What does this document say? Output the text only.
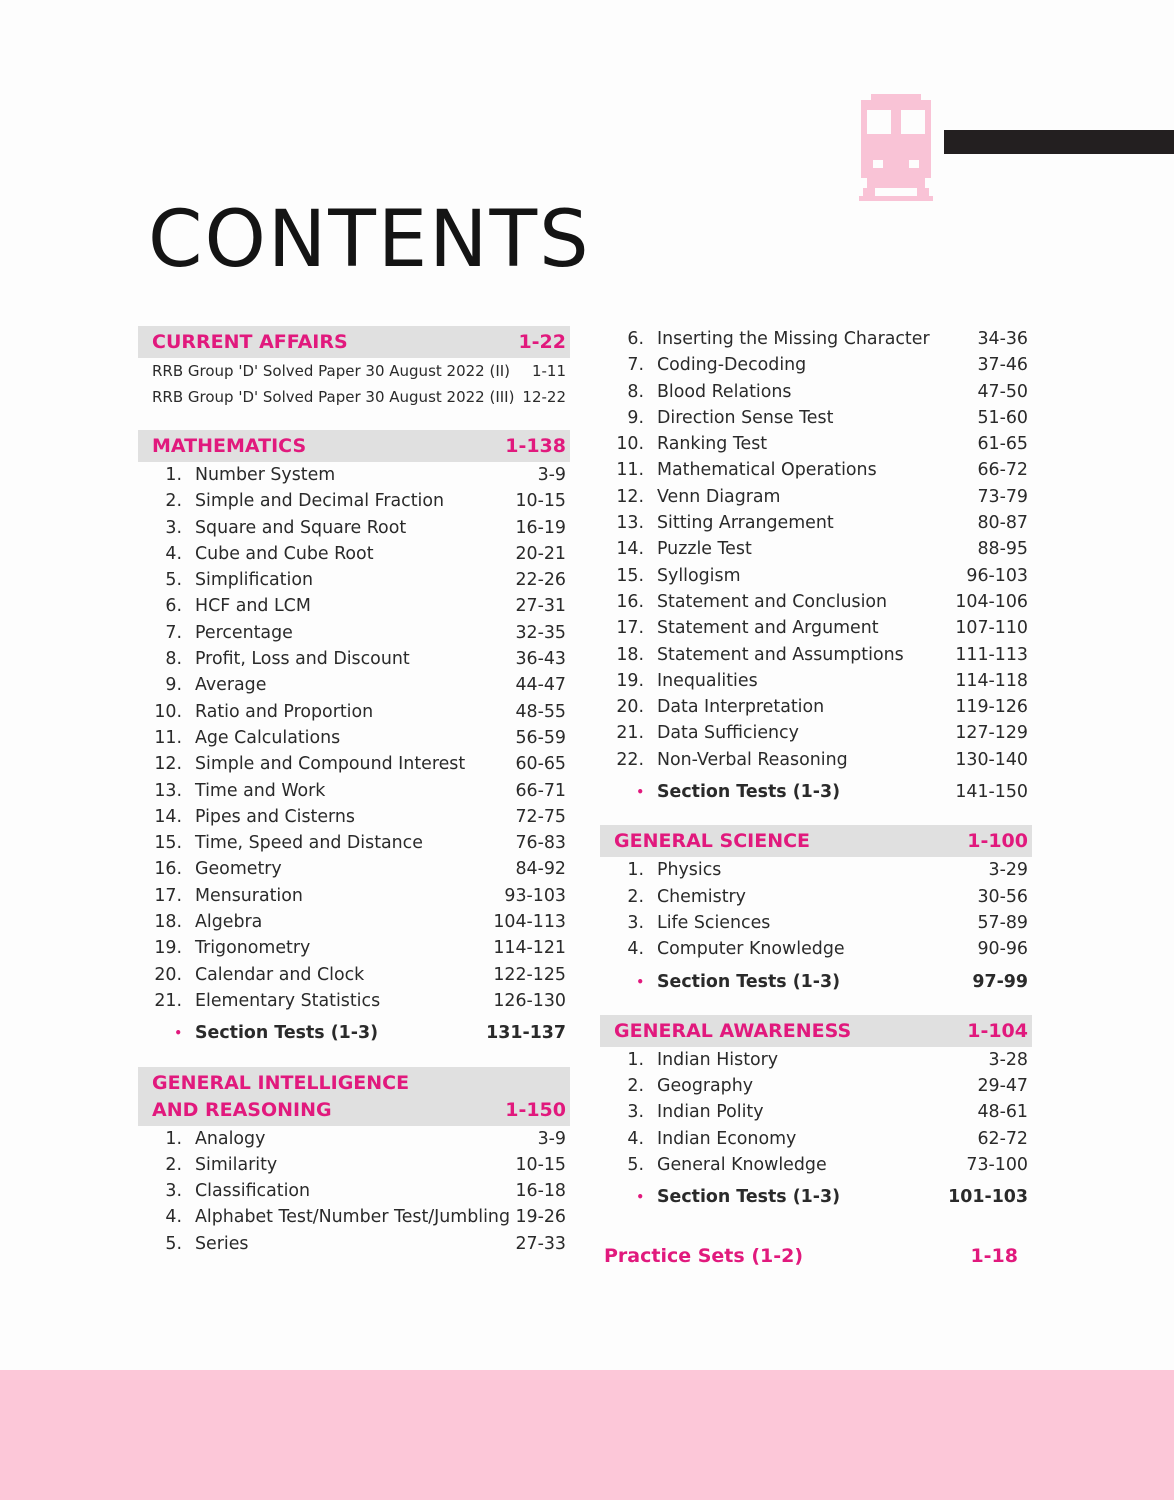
CONTENTS
CURRENT AFFAIRS	1-22
RRB Group 'D' Solved Paper 30 August 2022 (II)	1-11
RRB Group 'D' Solved Paper 30 August 2022 (III) 12-22
MATHEMATICS	1-138
1. Number System	3-9
2. Simple and Decimal Fraction	10-15
3. Square and Square Root	16-19
4. Cube and Cube Root	20-21
5. Simplification	22-26
6. HCF and LCM	27-31
7. Percentage	32-35
8. Profit, Loss and Discount	36-43
9. Average	44-47
10. Ratio and Proportion	48-55
11. Age Calculations	56-59
12. Simple and Compound Interest	60-65
13. Time and Work	66-71
14. Pipes and Cisterns	72-75
15. Time, Speed and Distance	76-83
16. Geometry	84-92
17. Mensuration	93-103
18. Algebra	104-113
19. Trigonometry	114-121
20. Calendar and Clock	122-125
21. Elementary Statistics	126-130
• Section Tests (1-3)	131-137
GENERAL INTELLIGENCE
AND REASONING	1-150
1. Analogy	3-9
2. Similarity	10-15
3. Classification	16-18
4. Alphabet Test/Number Test/Jumbling 19-26
5. Series	27-33
6. Inserting the Missing Character	34-36
7. Coding-Decoding	37-46
8. Blood Relations	47-50
9. Direction Sense Test	51-60
10. Ranking Test	61-65
11. Mathematical Operations	66-72
12. Venn Diagram	73-79
13. Sitting Arrangement	80-87
14. Puzzle Test	88-95
15. Syllogism	96-103
16. Statement and Conclusion	104-106
17. Statement and Argument	107-110
18. Statement and Assumptions	111-113
19. Inequalities	114-118
20. Data Interpretation	119-126
21. Data Sufficiency	127-129
22. Non-Verbal Reasoning	130-140
• Section Tests (1-3)	141-150
GENERAL SCIENCE	1-100
1. Physics	3-29
2. Chemistry	30-56
3. Life Sciences	57-89
4. Computer Knowledge	90-96
• Section Tests (1-3)	97-99
GENERAL AWARENESS	1-104
1. Indian History	3-28
2. Geography	29-47
3. Indian Polity	48-61
4. Indian Economy	62-72
5. General Knowledge	73-100
• Section Tests (1-3)	101-103
Practice Sets (1-2)	1-18
